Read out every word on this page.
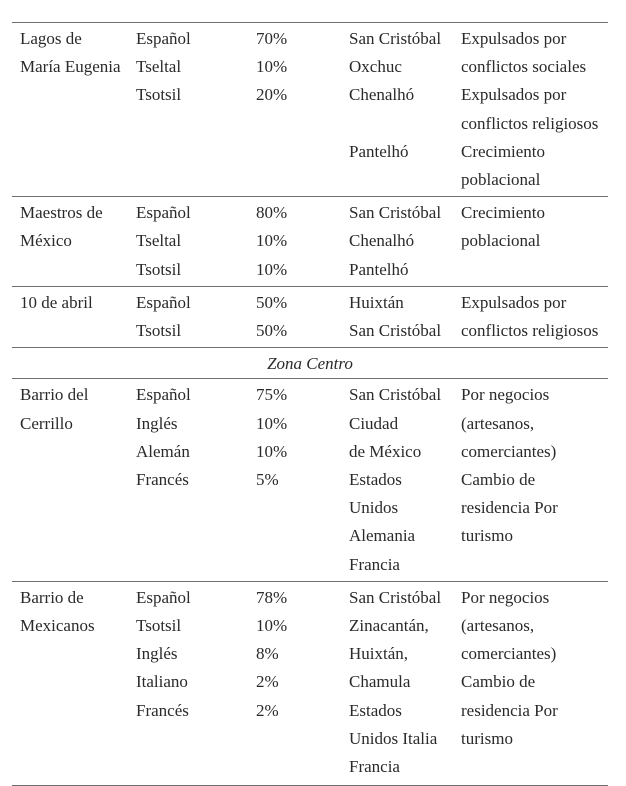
Lagos de	Español	70%	San Cristóbal	Expulsados por
María Eugenia	Tseltal	10%	Oxchuc	conflictos sociales
	Tsotsil	20%	Chenalhó	Expulsados por
				conflictos religiosos
			Pantelhó	Crecimiento
				poblacional
Maestros de	Español	80%	San Cristóbal	Crecimiento
México	Tseltal	10%	Chenalhó	poblacional
	Tsotsil	10%	Pantelhó	
10 de abril	Español	50%	Huixtán	Expulsados por
	Tsotsil	50%	San Cristóbal	conflictos religiosos
Zona Centro				
Barrio del	Español	75%	San Cristóbal	Por negocios
Cerrillo	Inglés	10%	Ciudad	(artesanos,
	Alemán	10%	de México	comerciantes)
	Francés	5%	Estados	Cambio de
			Unidos	residencia Por
			Alemania	turismo
			Francia	
Barrio de	Español	78%	San Cristóbal	Por negocios
Mexicanos	Tsotsil	10%	Zinacantán,	(artesanos,
	Inglés	8%	Huixtán,	comerciantes)
	Italiano	2%	Chamula	Cambio de
	Francés	2%	Estados	residencia Por
			Unidos Italia	turismo
			Francia	
